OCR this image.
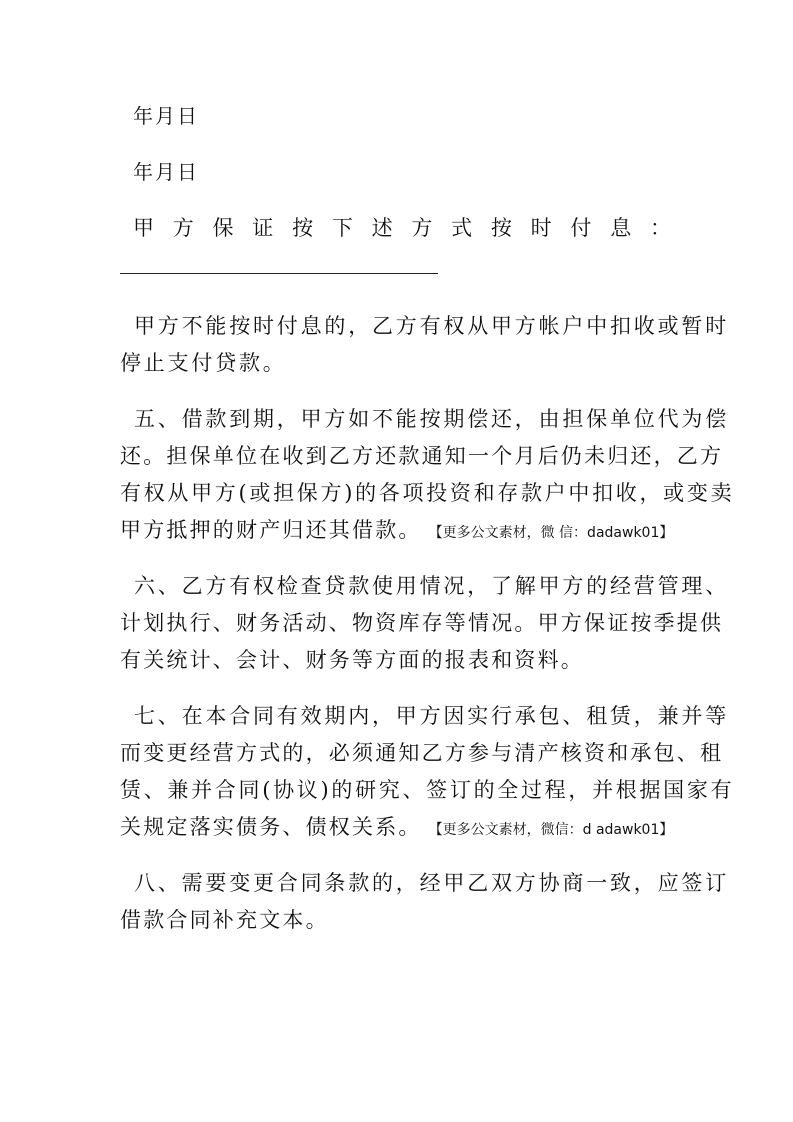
年月日
年月日
甲 方 保 证 按 下 述 方 式 按 时 付 息 ：
甲方不能按时付息的，乙方有权从甲方帐户中扣收或暂时
停止支付贷款。
五、借款到期，甲方如不能按期偿还，由担保单位代为偿
还。担保单位在收到乙方还款通知一个月后仍未归还，乙方
有权从甲方(或担保方)的各项投资和存款户中扣收，或变卖
甲方抵押的财产归还其借款。 【更多公文素材，微 信：dadawk01】
六、乙方有权检查贷款使用情况，了解甲方的经营管理、
计划执行、财务活动、物资库存等情况。甲方保证按季提供
有关统计、会计、财务等方面的报表和资料。
七、在本合同有效期内，甲方因实行承包、租赁，兼并等
而变更经营方式的，必须通知乙方参与清产核资和承包、租
赁、兼并合同(协议)的研究、签订的全过程，并根据国家有
关规定落实债务、债权关系。 【更多公文素材，微信：d adawk01】
八、需要变更合同条款的，经甲乙双方协商一致，应签订
借款合同补充文本。
